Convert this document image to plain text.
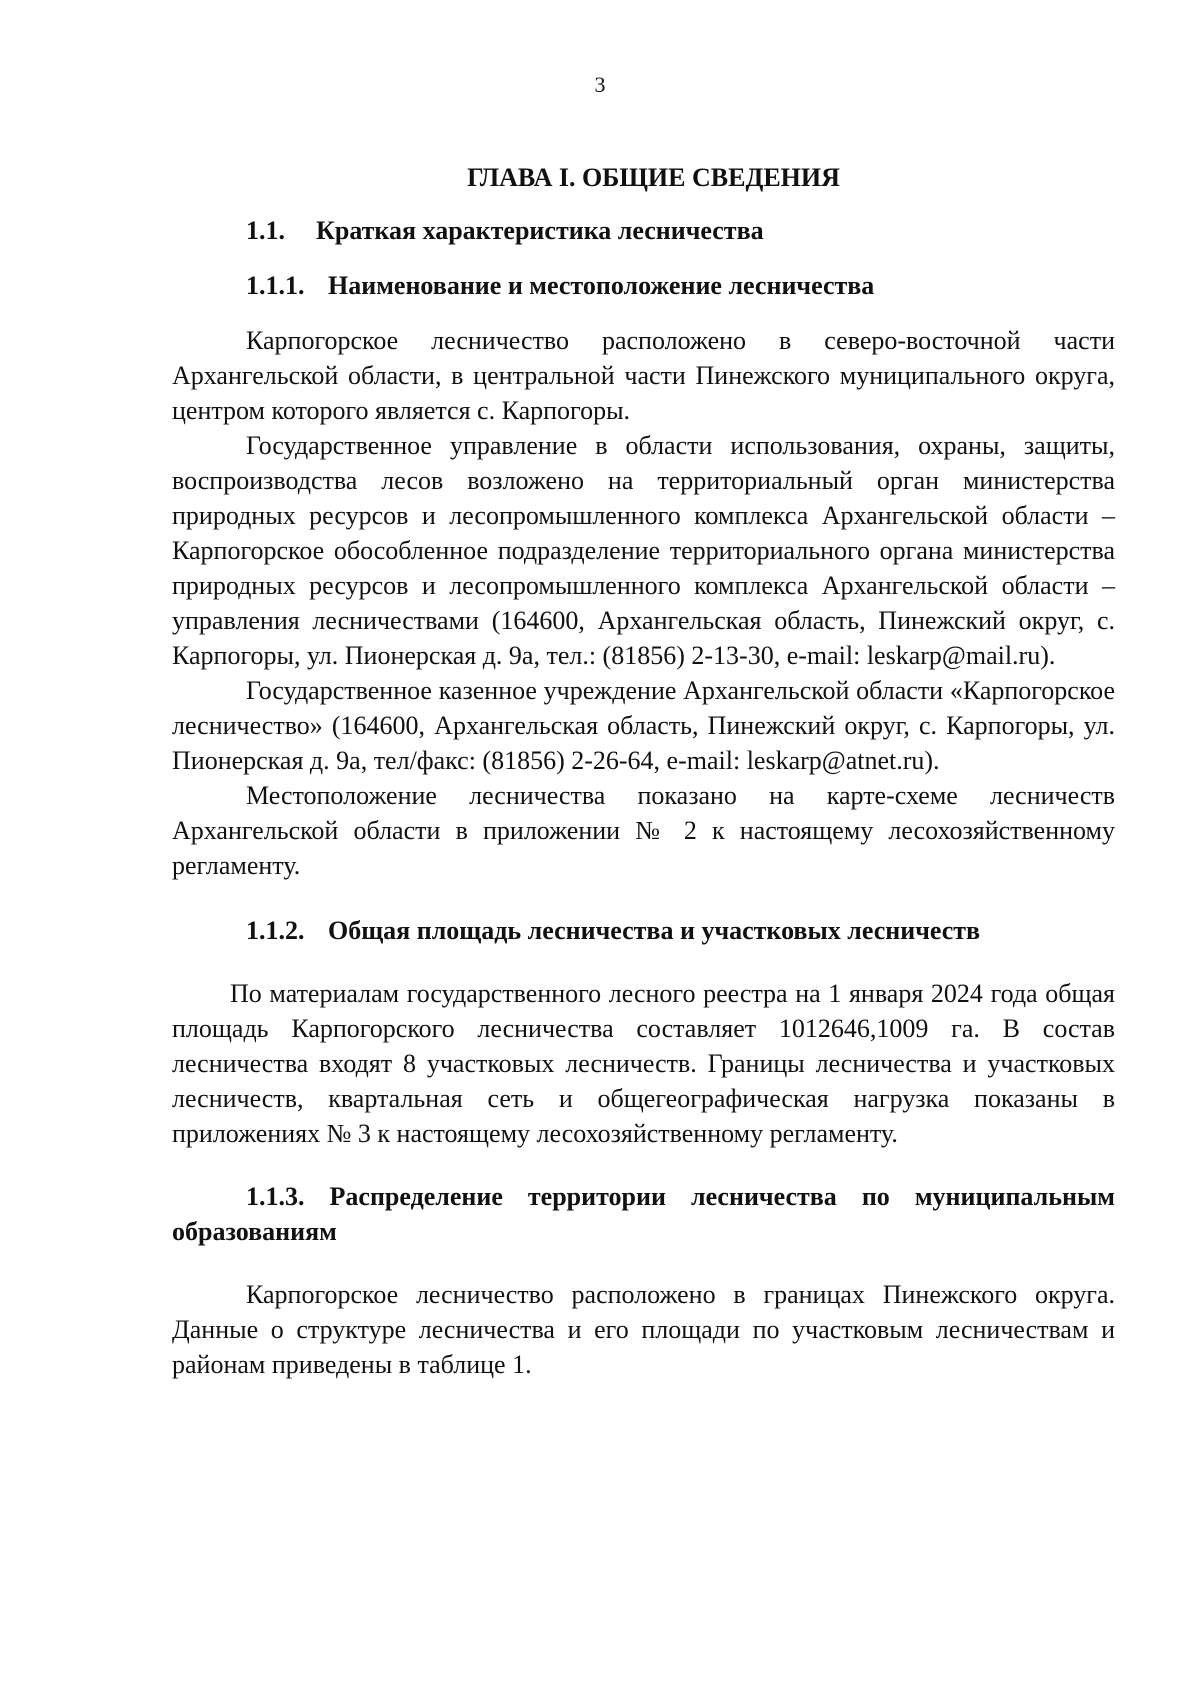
3
ГЛАВА I. ОБЩИЕ СВЕДЕНИЯ
1.1.	Краткая характеристика лесничества
1.1.1. Наименование и местоположение лесничества

Карпогорское лесничество расположено в северо-восточной части Архангельской области, в центральной части Пинежского муниципального округа, центром которого является с. Карпогоры.

Государственное управление в области использования, охраны, защиты, воспроизводства лесов возложено на территориальный орган министерства природных ресурсов и лесопромышленного комплекса Архангельской области – Карпогорское обособленное подразделение территориального органа министерства природных ресурсов и лесопромышленного комплекса Архангельской области – управления лесничествами (164600, Архангельская область, Пинежский округ, с. Карпогоры, ул. Пионерская д. 9а, тел.: (81856) 2-13-30, e-mail: leskarp@mail.ru).

Государственное казенное учреждение Архангельской области «Карпогорское лесничество» (164600, Архангельская область, Пинежский округ, с. Карпогоры, ул. Пионерская д. 9а, тел/факс: (81856) 2-26-64, e-mail: leskarp@atnet.ru).

Местоположение лесничества показано на карте-схеме лесничеств Архангельской области в приложении № 2 к настоящему лесохозяйственному регламенту.

1.1.2. Общая площадь лесничества и участковых лесничеств

По материалам государственного лесного реестра на 1 января 2024 года общая площадь Карпогорского лесничества составляет 1012646,1009 га. В состав лесничества входят 8 участковых лесничеств. Границы лесничества и участковых лесничеств, квартальная сеть и общегеографическая нагрузка показаны в приложениях № 3 к настоящему лесохозяйственному регламенту.

1.1.3. Распределение территории лесничества по муниципальным образованиям

Карпогорское лесничество расположено в границах Пинежского округа. Данные о структуре лесничества и его площади по участковым лесничествам и районам приведены в таблице 1.
